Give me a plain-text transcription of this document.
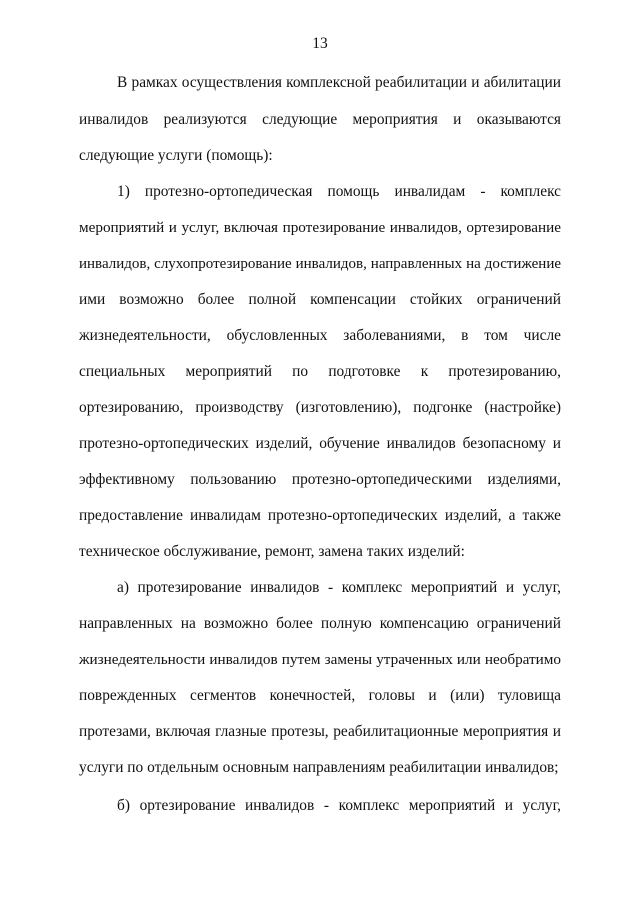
13
В рамках осуществления комплексной реабилитации и абилитации
инвалидов реализуются следующие мероприятия и оказываются
следующие услуги (помощь):
1) протезно-ортопедическая помощь инвалидам - комплекс
мероприятий и услуг, включая протезирование инвалидов, ортезирование
инвалидов, слухопротезирование инвалидов, направленных на достижение
ими возможно более полной компенсации стойких ограничений
жизнедеятельности, обусловленных заболеваниями, в том числе
специальных мероприятий по подготовке к протезированию,
ортезированию, производству (изготовлению), подгонке (настройке)
протезно-ортопедических изделий, обучение инвалидов безопасному и
эффективному пользованию протезно-ортопедическими изделиями,
предоставление инвалидам протезно-ортопедических изделий, а также
техническое обслуживание, ремонт, замена таких изделий:
а) протезирование инвалидов - комплекс мероприятий и услуг,
направленных на возможно более полную компенсацию ограничений
жизнедеятельности инвалидов путем замены утраченных или необратимо
поврежденных сегментов конечностей, головы и (или) туловища
протезами, включая глазные протезы, реабилитационные мероприятия и
услуги по отдельным основным направлениям реабилитации инвалидов;
б) ортезирование инвалидов - комплекс мероприятий и услуг,
